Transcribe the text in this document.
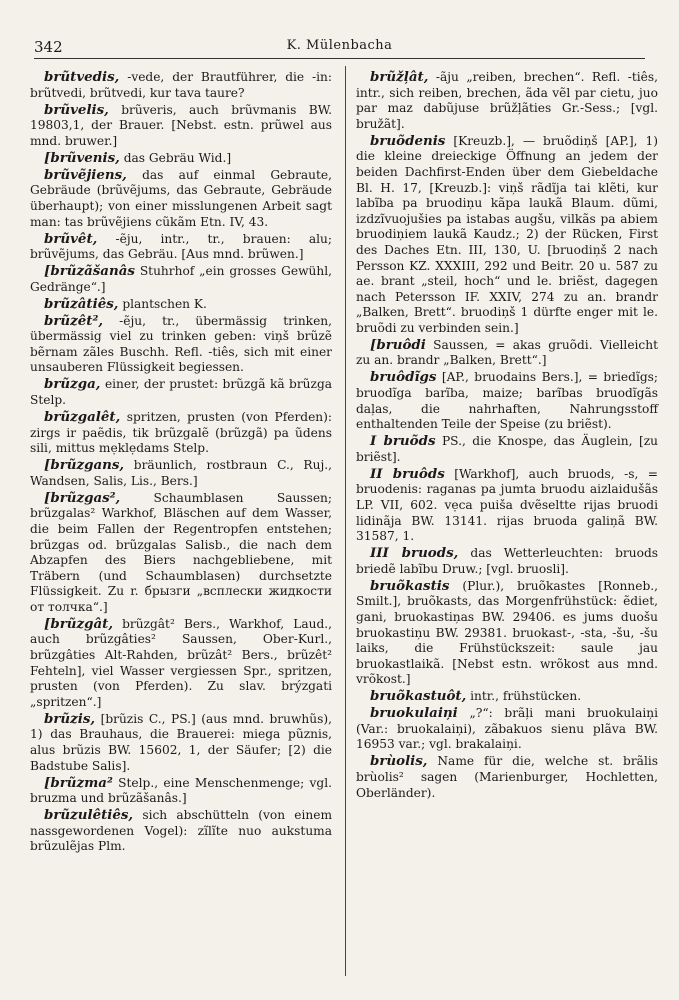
342	K. Mülenbacha

brũtvedis, -vede, der Brautführer, die -in: brũtvedi, brũtvedi, kur tava taure?

brũvelis, brũveris, auch brũvmanis BW. 19803,1, der Brauer. [Nebst. estn. prũwel aus mnd. bruwer.]

[brũvenis, das Gebräu Wid.]

brũvẽjiens, das auf einmal Gebraute, Gebräude (brũvẽjums, das Gebraute, Gebräude überhaupt); von einer misslungenen Arbeit sagt man: tas brũvẽjiens cũkãm Etn. IV, 43.

brũvêt, -ẽju, intr., tr., brauen: alu; brũvẽjums, das Gebräu. [Aus mnd. brũwen.]

[brũzãšanâs Stuhrhof „ein grosses Gewühl, Gedränge“.]

brũzâtiês, plantschen K.

brũzêt², -ẽju, tr., übermässig trinken, übermässig viel zu trinken geben: viņš brũzẽ bẽrnam zãles Buschh. Refl. -tiês, sich mit einer unsauberen Flüssigkeit begiessen.

brũzga, einer, der prustet: brũzgã kã brũzga Stelp.

brũzgalêt, spritzen, prusten (von Pferden): zirgs ir paẽdis, tik brũzgalẽ (brũzgã) pa ũdens sili, mittus mẹklẹdams Stelp.

[brũzgans, bräunlich, rostbraun C., Ruj., Wandsen, Salis, Lis., Bers.]

[brũzgas²,	Schaumblasen Saussen; brũzgalas² Warkhof, Bläschen auf dem Wasser, die beim Fallen der Regentropfen entstehen; brũzgas od. brũzgalas Salisb., die nach dem Abzapfen des Biers nachgebliebene, mit Träbern (und Schaumblasen) durchsetzte Flüssigkeit. Zu r. брызги „всплески жидкости от толчка“.]

[brũzgât, brũzgât² Bers., Warkhof, Laud., auch brũzgâties² Saussen, Ober-Kurl., brũzgâties Alt-Rahden, brũzât² Bers., brũzêt² Fehteln], viel Wasser vergiessen Spr., spritzen, prusten (von Pferden). Zu slav. brýzgati „spritzen“.]

brũzis, [brũzis C., PS.] (aus mnd. bruwhũs), 1) das Brauhaus, die Brauerei: miega pũznis, alus brũzis BW. 15602, 1, der Säufer; [2) die Badstube Salis].

[brũzma² Stelp., eine Menschenmenge; vgl. bruzma und brũzãšanâs.]

brũzulêtiês, sich abschütteln (von einem nassgewordenen Vogel): zĩlĩte nuo aukstuma brũzulẽjas Plm.

brũžļât, -ãju „reiben, brechen“. Refl. -tiês, intr., sich reiben, brechen, ãda vẽl par cietu, juo par maz dabũjuse brũžļãties Gr.-Sess.; [vgl. bružãt].

bruõdenis [Kreuzb.], — bruõdiņš [AP.], 1) die kleine dreieckige Öffnung an jedem der beiden Dachfirst-Enden über dem Giebeldache Bl. H. 17, [Kreuzb.]: viņš rãdĩja tai klẽti, kur labĩba pa bruodiņu kãpa laukã Blaum. dũmi, izdzĩvuojušies pa istabas augšu, vilkãs pa abiem bruodiņiem laukã Kaudz.; 2) der Rücken, First des Daches Etn. III, 130, U. [bruodiņš 2 nach Persson KZ. XXXIII, 292 und Beitr. 20 u. 587 zu ae. brant „steil, hoch“ und le. briẽst, dagegen nach Petersson IF. XXIV, 274 zu an. brandr „Balken, Brett“. bruodiņš 1 dürfte enger mit le. bruõdi zu verbinden sein.]

[bruôdi Saussen, = akas gruõdi. Vielleicht zu an. brandr „Balken, Brett“.]

bruôdĩgs [AP., bruodains Bers.], = briedĩgs; bruodĩga barĩba, maize; barĩbas bruodĩgãs daļas, die nahrhaften, Nahrungsstoff enthaltenden Teile der Speise (zu briẽst).

I bruõds PS., die Knospe, das Äuglein, [zu briẽst].

II bruôds [Warkhof], auch bruods, -s, = bruodenis: raganas pa jumta bruodu aizlaidušãs LP. VII, 602. vẹca puiša dvẽseltte rijas bruodi lidinãja BW. 13141. rijas bruoda galiņã BW. 31587, 1.

III bruods, das Wetterleuchten: bruods briedẽ labĩbu Druw.; [vgl. bruosli].

bruõkastis (Plur.), bruõkastes [Ronneb., Smilt.], bruõkasts, das Morgenfrühstück: ẽdiet, gani, bruokastiņas BW. 29406. es jums duošu bruokastiņu BW. 29381. bruokast-, -sta, -šu, -šu laiks, die Frühstückszeit: saule jau bruokastlaikã. [Nebst estn. wrõkost aus mnd. vrõkost.]

bruõkastuôt, intr., frühstücken.

bruokulaiņi „?“: brãļi mani bruokulaiņi (Var.: bruokalaiņi), zãbakuos sienu plãva BW. 16953 var.; vgl. brakalaiņi.

brùolis, Name für die, welche st. brãlis brùolis² sagen (Marienburger, Hochletten, Oberländer).
